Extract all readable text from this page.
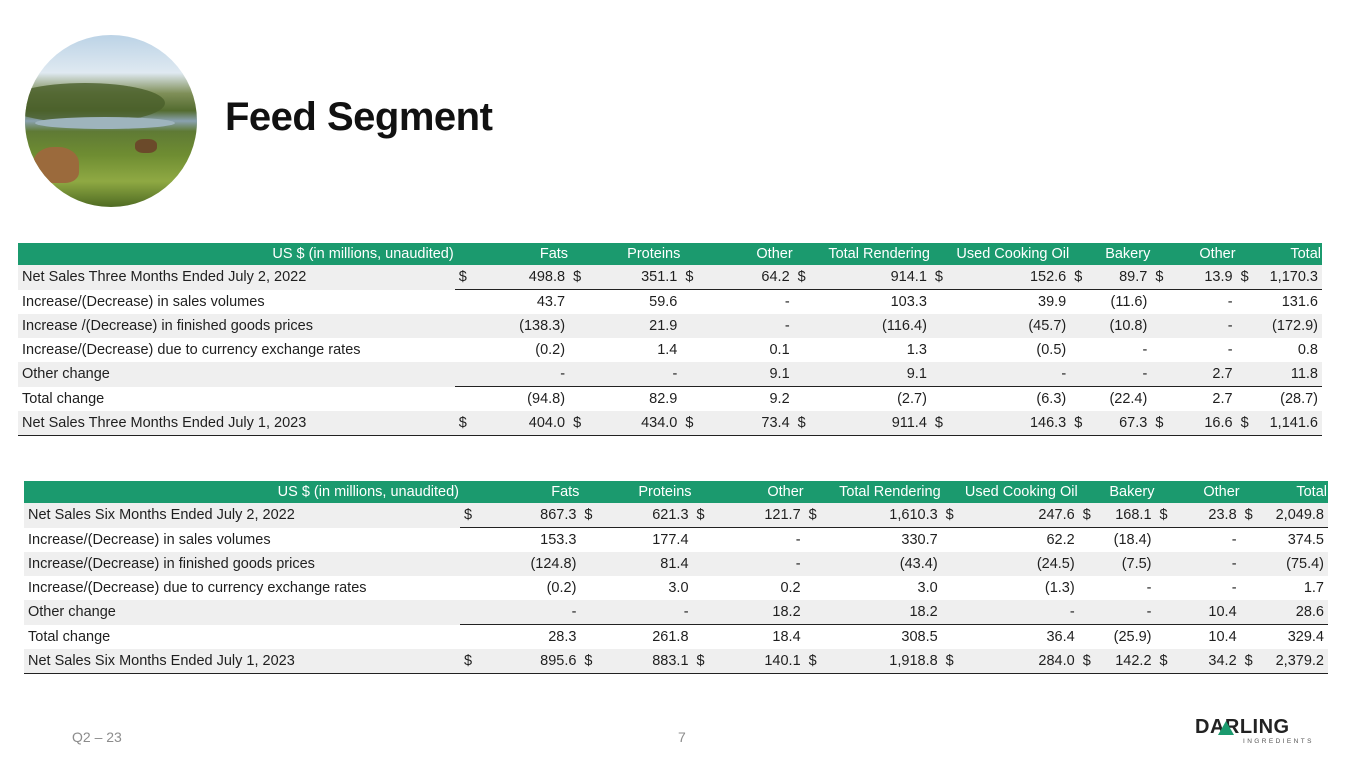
Feed Segment
US $ (in millions, unaudited)	Fats		Proteins		Other		Total Rendering		Used Cooking Oil		Bakery		Other		Total	
Net Sales Three Months Ended July 2, 2022	$	498.8	$	351.1	$	64.2	$	914.1	$	152.6	$	89.7	$	13.9	$	1,170.3
Increase/(Decrease) in sales volumes		43.7		59.6		-		103.3		39.9		(11.6)		-		131.6
Increase /(Decrease) in finished goods prices		(138.3)		21.9		-		(116.4)		(45.7)		(10.8)		-		(172.9)
Increase/(Decrease) due to currency exchange rates		(0.2)		1.4		0.1		1.3		(0.5)		-		-		0.8
Other change		-		-		9.1		9.1		-		-		2.7		11.8
Total change		(94.8)		82.9		9.2		(2.7)		(6.3)		(22.4)		2.7		(28.7)
Net Sales Three Months Ended July 1, 2023	$	404.0	$	434.0	$	73.4	$	911.4	$	146.3	$	67.3	$	16.6	$	1,141.6
US $ (in millions, unaudited)	Fats		Proteins		Other		Total Rendering		Used Cooking Oil		Bakery		Other		Total	
Net Sales Six Months Ended July 2, 2022	$	867.3	$	621.3	$	121.7	$	1,610.3	$	247.6	$	168.1	$	23.8	$	2,049.8
Increase/(Decrease) in sales volumes		153.3		177.4		-		330.7		62.2		(18.4)		-		374.5
Increase/(Decrease) in finished goods prices		(124.8)		81.4		-		(43.4)		(24.5)		(7.5)		-		(75.4)
Increase/(Decrease) due to currency exchange rates		(0.2)		3.0		0.2		3.0		(1.3)		-		-		1.7
Other change		-		-		18.2		18.2		-		-		10.4		28.6
Total change		28.3		261.8		18.4		308.5		36.4		(25.9)		10.4		329.4
Net Sales Six Months Ended July 1, 2023	$	895.6	$	883.1	$	140.1	$	1,918.8	$	284.0	$	142.2	$	34.2	$	2,379.2
Q2 – 23	7	DARLING
INGREDIENTS
